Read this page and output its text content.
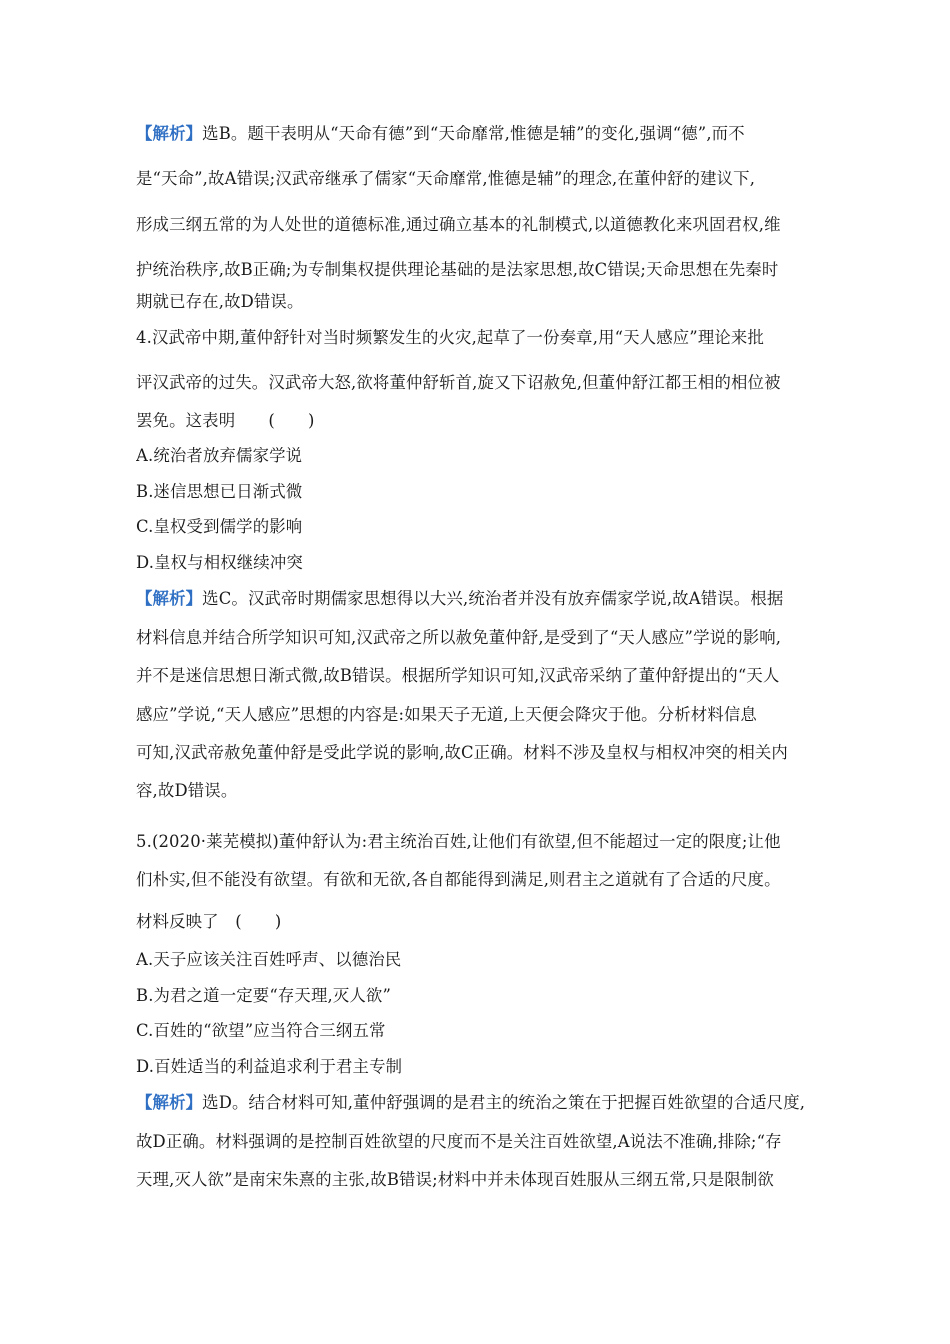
【解析】选B。题干表明从“天命有德”到“天命靡常,惟德是辅”的变化,强调“德”,而不
是“天命”,故A错误;汉武帝继承了儒家“天命靡常,惟德是辅”的理念,在董仲舒的建议下,
形成三纲五常的为人处世的道德标准,通过确立基本的礼制模式,以道德教化来巩固君权,维
护统治秩序,故B正确;为专制集权提供理论基础的是法家思想,故C错误;天命思想在先秦时
期就已存在,故D错误。
4.汉武帝中期,董仲舒针对当时频繁发生的火灾,起草了一份奏章,用“天人感应”理论来批
评汉武帝的过失。汉武帝大怒,欲将董仲舒斩首,旋又下诏赦免,但董仲舒江都王相的相位被
罢免。这表明　　(　　)
A.统治者放弃儒家学说
B.迷信思想已日渐式微
C.皇权受到儒学的影响
D.皇权与相权继续冲突
【解析】选C。汉武帝时期儒家思想得以大兴,统治者并没有放弃儒家学说,故A错误。根据
材料信息并结合所学知识可知,汉武帝之所以赦免董仲舒,是受到了“天人感应”学说的影响,
并不是迷信思想日渐式微,故B错误。根据所学知识可知,汉武帝采纳了董仲舒提出的“天人
感应”学说,“天人感应”思想的内容是:如果天子无道,上天便会降灾于他。分析材料信息
可知,汉武帝赦免董仲舒是受此学说的影响,故C正确。材料不涉及皇权与相权冲突的相关内
容,故D错误。
5.(2020·莱芜模拟)董仲舒认为:君主统治百姓,让他们有欲望,但不能超过一定的限度;让他
们朴实,但不能没有欲望。有欲和无欲,各自都能得到满足,则君主之道就有了合适的尺度。
材料反映了　(　　)
A.天子应该关注百姓呼声、以德治民
B.为君之道一定要“存天理,灭人欲”
C.百姓的“欲望”应当符合三纲五常
D.百姓适当的利益追求利于君主专制
【解析】选D。结合材料可知,董仲舒强调的是君主的统治之策在于把握百姓欲望的合适尺度,
故D正确。材料强调的是控制百姓欲望的尺度而不是关注百姓欲望,A说法不准确,排除;“存
天理,灭人欲”是南宋朱熹的主张,故B错误;材料中并未体现百姓服从三纲五常,只是限制欲
